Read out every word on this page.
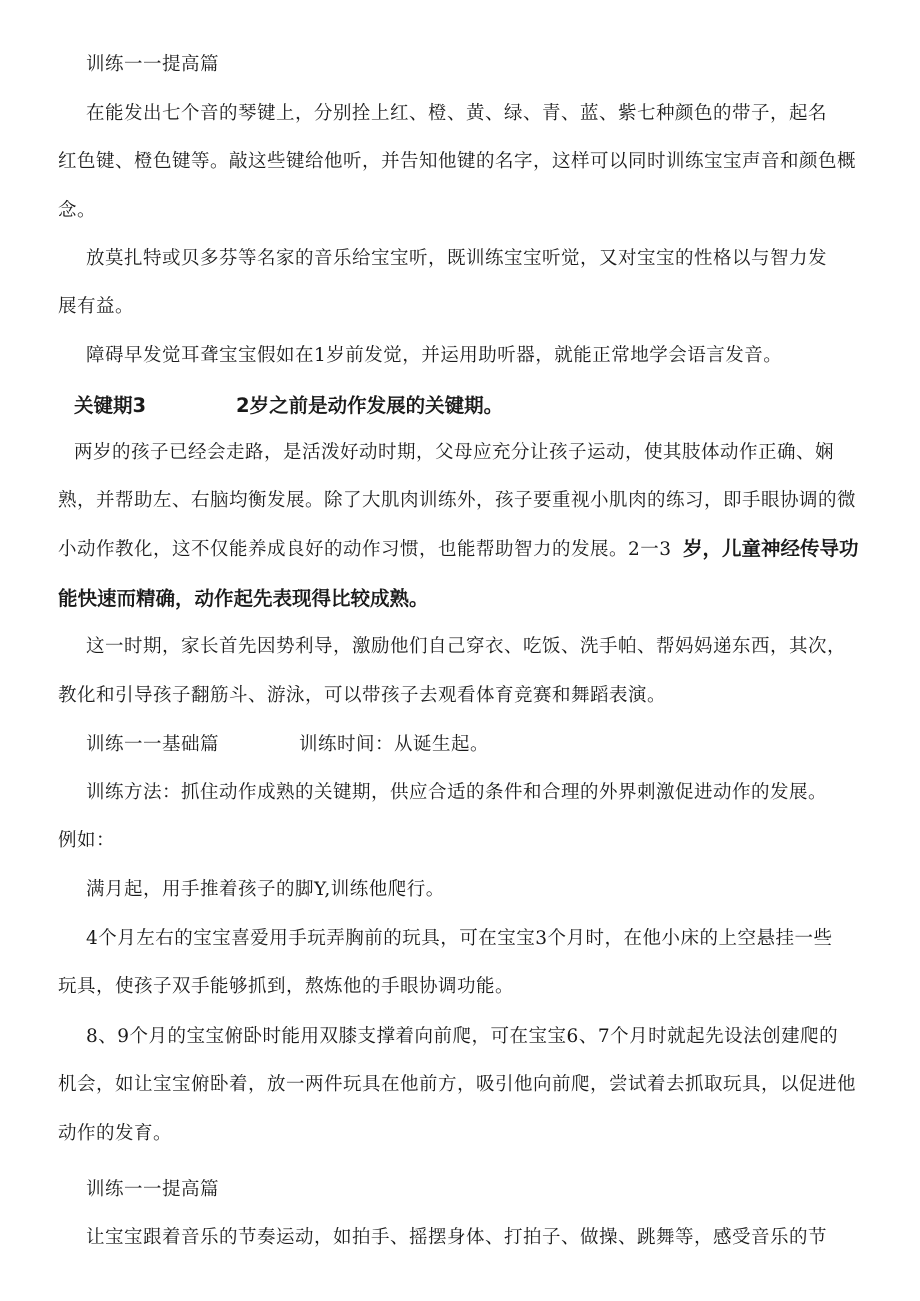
训练一一提高篇
在能发出七个音的琴键上，分别拴上红、橙、黄、绿、青、蓝、紫七种颜色的带子，起名
红色键、橙色键等。敲这些键给他听，并告知他键的名字，这样可以同时训练宝宝声音和颜色概
念。
放莫扎特或贝多芬等名家的音乐给宝宝听，既训练宝宝听觉，又对宝宝的性格以与智力发
展有益。
障碍早发觉耳聋宝宝假如在1岁前发觉，并运用助听器，就能正常地学会语言发音。
关键期3	2岁之前是动作发展的关键期。
两岁的孩子已经会走路，是活泼好动时期，父母应充分让孩子运动，使其肢体动作正确、娴
熟，并帮助左、右脑均衡发展。除了大肌肉训练外，孩子要重视小肌肉的练习，即手眼协调的微
小动作教化，这不仅能养成良好的动作习惯，也能帮助智力的发展。2一3 岁，儿童神经传导功
能快速而精确，动作起先表现得比较成熟。
这一时期，家长首先因势利导，激励他们自己穿衣、吃饭、洗手帕、帮妈妈递东西，其次，
教化和引导孩子翻筋斗、游泳，可以带孩子去观看体育竞赛和舞蹈表演。
训练一一基础篇	训练时间：从诞生起。
训练方法：抓住动作成熟的关键期，供应合适的条件和合理的外界刺激促进动作的发展。
例如：
满月起，用手推着孩子的脚Y,训练他爬行。
4个月左右的宝宝喜爱用手玩弄胸前的玩具，可在宝宝3个月时，在他小床的上空悬挂一些
玩具，使孩子双手能够抓到，熬炼他的手眼协调功能。
8、9个月的宝宝俯卧时能用双膝支撑着向前爬，可在宝宝6、7个月时就起先设法创建爬的
机会，如让宝宝俯卧着，放一两件玩具在他前方，吸引他向前爬，尝试着去抓取玩具，以促进他
动作的发育。
训练一一提高篇
让宝宝跟着音乐的节奏运动，如拍手、摇摆身体、打拍子、做操、跳舞等，感受音乐的节
